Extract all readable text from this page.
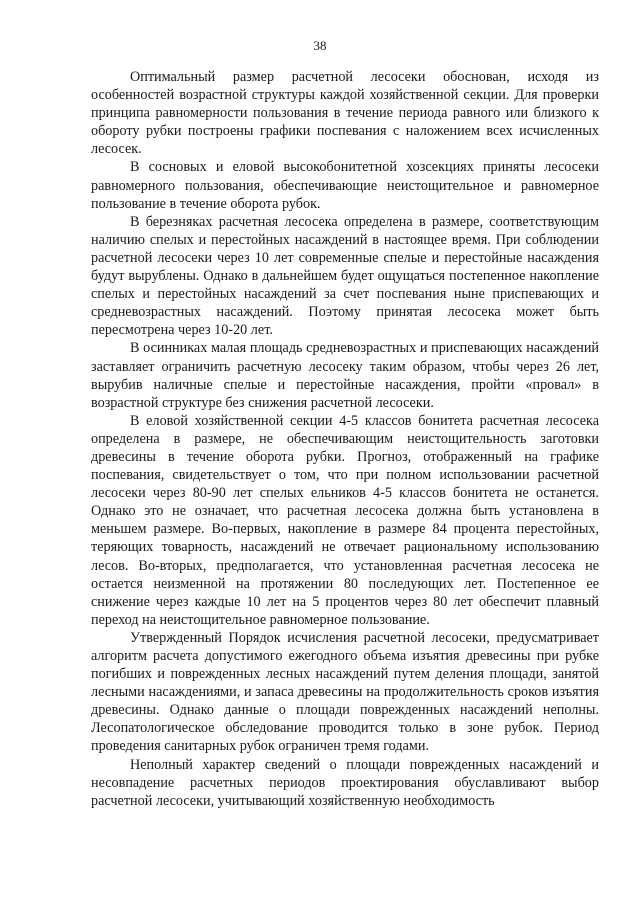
38

Оптимальный размер расчетной лесосеки обоснован, исходя из особенностей возрастной структуры каждой хозяйственной секции. Для проверки принципа равномерности пользования в течение периода равного или близкого к обороту рубки построены графики поспевания с наложением всех исчисленных лесосек.

В сосновых и еловой высокобонитетной хозсекциях приняты лесосеки равномерного пользования, обеспечивающие неистощительное и равномерное пользование в течение оборота рубок.

В березняках расчетная лесосека определена в размере, соответствующим наличию спелых и перестойных насаждений в настоящее время. При соблюдении расчетной лесосеки через 10 лет современные спелые и перестойные насаждения будут вырублены. Однако в дальнейшем будет ощущаться постепенное накопление спелых и перестойных насаждений за счет поспевания ныне приспевающих и средневозрастных насаждений. Поэтому принятая лесосека может быть пересмотрена через 10-20 лет.

В осинниках малая площадь средневозрастных и приспевающих насаждений заставляет ограничить расчетную лесосеку таким образом, чтобы через 26 лет, вырубив наличные спелые и перестойные насаждения, пройти «провал» в возрастной структуре без снижения расчетной лесосеки.

В еловой хозяйственной секции 4-5 классов бонитета расчетная лесосека определена в размере, не обеспечивающим неистощительность заготовки древесины в течение оборота рубки. Прогноз, отображенный на графике поспевания, свидетельствует о том, что при полном использовании расчетной лесосеки через 80-90 лет спелых ельников 4-5 классов бонитета не останется. Однако это не означает, что расчетная лесосека должна быть установлена в меньшем размере. Во-первых, накопление в размере 84 процента перестойных, теряющих товарность, насаждений не отвечает рациональному использованию лесов. Во-вторых, предполагается, что установленная расчетная лесосека не остается неизменной на протяжении 80 последующих лет. Постепенное ее снижение через каждые 10 лет на 5 процентов через 80 лет обеспечит плавный переход на неистощительное равномерное пользование.

Утвержденный Порядок исчисления расчетной лесосеки, предусматривает алгоритм расчета допустимого ежегодного объема изъятия древесины при рубке погибших и поврежденных лесных насаждений путем деления площади, занятой лесными насаждениями, и запаса древесины на продолжительность сроков изъятия древесины. Однако данные о площади поврежденных насаждений неполны. Лесопатологическое обследование проводится только в зоне рубок. Период проведения санитарных рубок ограничен тремя годами.

Неполный характер сведений о площади поврежденных насаждений и несовпадение расчетных периодов проектирования обуславливают выбор расчетной лесосеки, учитывающий хозяйственную необходимость
